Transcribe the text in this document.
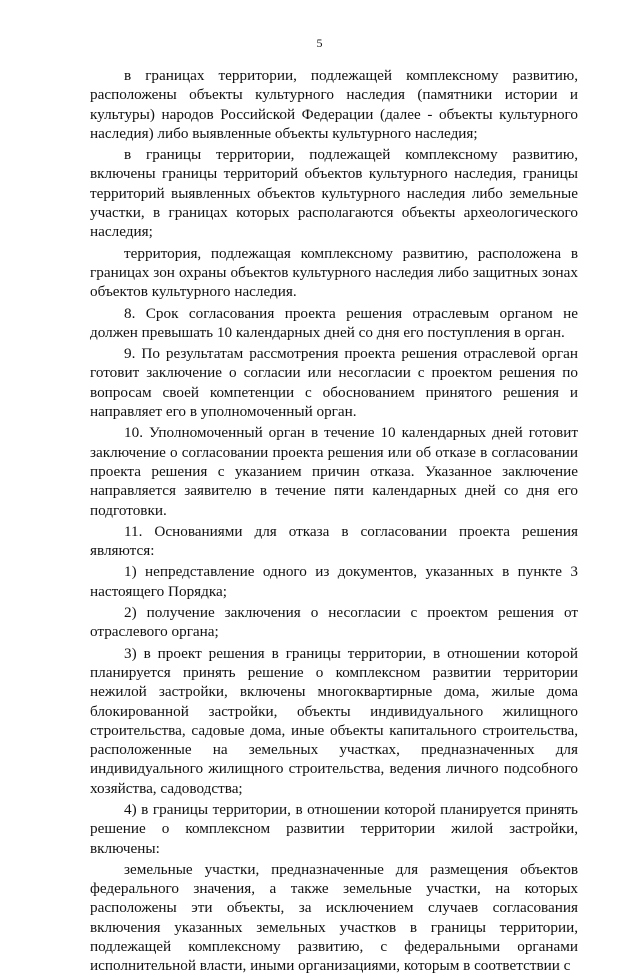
5

в границах территории, подлежащей комплексному развитию, расположены объекты культурного наследия (памятники истории и культуры) народов Российской Федерации (далее - объекты культурного наследия) либо выявленные объекты культурного наследия;

в границы территории, подлежащей комплексному развитию, включены границы территорий объектов культурного наследия, границы территорий выявленных объектов культурного наследия либо земельные участки, в границах которых располагаются объекты археологического наследия;

территория, подлежащая комплексному развитию, расположена в границах зон охраны объектов культурного наследия либо защитных зонах объектов культурного наследия.

8. Срок согласования проекта решения отраслевым органом не должен превышать 10 календарных дней со дня его поступления в орган.

9. По результатам рассмотрения проекта решения отраслевой орган готовит заключение о согласии или несогласии с проектом решения по вопросам своей компетенции с обоснованием принятого решения и направляет его в уполномоченный орган.

10. Уполномоченный орган в течение 10 календарных дней готовит заключение о согласовании проекта решения или об отказе в согласовании проекта решения с указанием причин отказа. Указанное заключение направляется заявителю в течение пяти календарных дней со дня его подготовки.

11. Основаниями для отказа в согласовании проекта решения являются:

1) непредставление одного из документов, указанных в пункте 3 настоящего Порядка;

2) получение заключения о несогласии с проектом решения от отраслевого органа;

3) в проект решения в границы территории, в отношении которой планируется принять решение о комплексном развитии территории нежилой застройки, включены многоквартирные дома, жилые дома блокированной застройки, объекты индивидуального жилищного строительства, садовые дома, иные объекты капитального строительства, расположенные на земельных участках, предназначенных для индивидуального жилищного строительства, ведения личного подсобного хозяйства, садоводства;

4) в границы территории, в отношении которой планируется принять решение о комплексном развитии территории жилой застройки, включены:

земельные участки, предназначенные для размещения объектов федерального значения, а также земельные участки, на которых расположены эти объекты, за исключением случаев согласования включения указанных земельных участков в границы территории, подлежащей комплексному развитию, с федеральными органами исполнительной власти, иными организациями, которым в соответствии с
